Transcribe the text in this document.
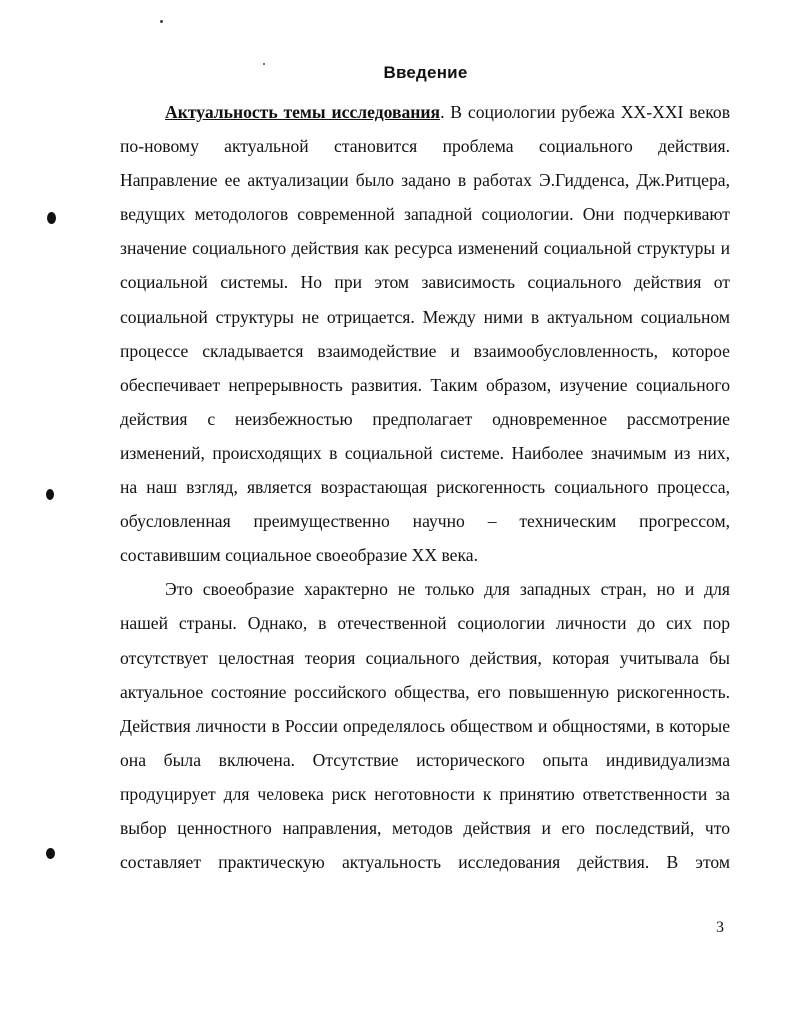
Введение
Актуальность темы исследования. В социологии рубежа XX-XXI веков
по-новому актуальной становится проблема социального действия.
Направление ее актуализации было задано в работах Э.Гидденса, Дж.Ритцера,
ведущих методологов современной западной социологии. Они подчеркивают
значение социального действия как ресурса изменений социальной структуры и
социальной системы. Но при этом зависимость социального действия от
социальной структуры не отрицается. Между ними в актуальном социальном
процессе складывается взаимодействие и взаимообусловленность, которое
обеспечивает непрерывность развития. Таким образом, изучение социального
действия с неизбежностью предполагает одновременное рассмотрение
изменений, происходящих в социальной системе. Наиболее значимым из них,
на наш взгляд, является возрастающая рискогенность социального процесса,
обусловленная преимущественно научно – техническим прогрессом,
составившим социальное своеобразие XX века.
Это своеобразие характерно не только для западных стран, но и для
нашей страны. Однако, в отечественной социологии личности до сих пор
отсутствует целостная теория социального действия, которая учитывала бы
актуальное состояние российского общества, его повышенную рискогенность.
Действия личности в России определялось обществом и общностями, в которые
она была включена. Отсутствие исторического опыта индивидуализма
продуцирует для человека риск неготовности к принятию ответственности за
выбор ценностного направления, методов действия и его последствий, что
составляет практическую актуальность исследования действия. В этом
3
